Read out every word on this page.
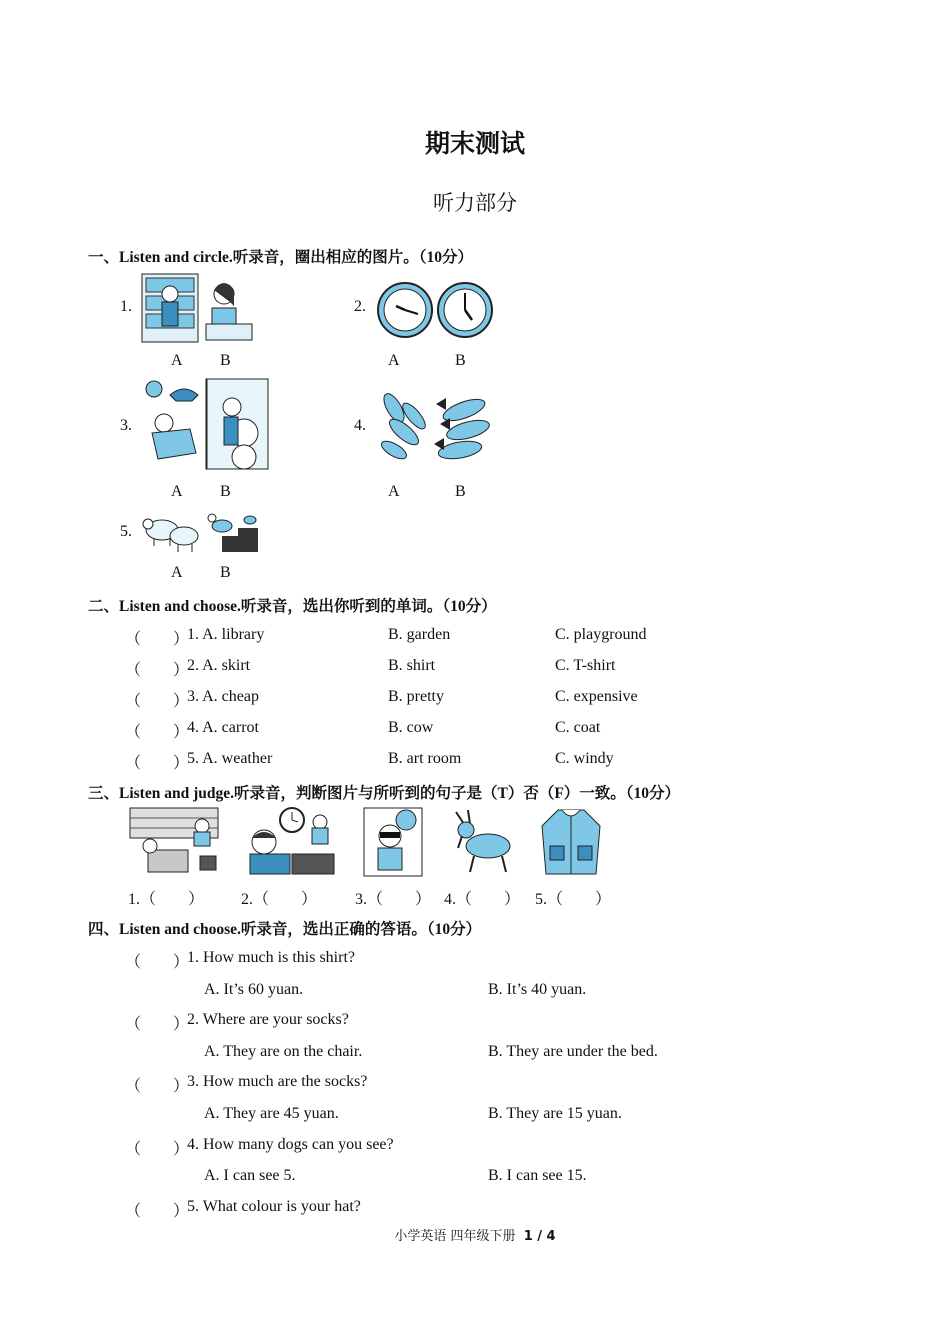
期末测试
听力部分
一、Listen and circle.听录音，圈出相应的图片。（10分）
1.
A B
2.
A	B
3.
A B
4.
A	B
5.
A B
二、Listen and choose.听录音，选出你听到的单词。（10分）
（　　）
1. A. library	B. garden	C. playground
（　　）
2. A. skirt	B. shirt	C. T-shirt
（　　）
3. A. cheap	B. pretty	C. expensive
（　　）
4. A. carrot	B. cow	C. coat
（　　）
5. A. weather	B. art room	C. windy
三、Listen and judge.听录音，判断图片与所听到的句子是（T）否（F）一致。（10分）
1.（　　） 2.（　　） 3.（　　） 4.（　　） 5.（　　）
四、Listen and choose.听录音，选出正确的答语。（10分）
（　　）
1. How much is this shirt?
A. It’s 60 yuan.	B. It’s 40 yuan.
（　　）
2. Where are your socks?
A. They are on the chair.	B. They are under the bed.
（　　）
3. How much are the socks?
A. They are 45 yuan.	B. They are 15 yuan.
（　　）
4. How many dogs can you see?
A. I can see 5.	B. I can see 15.
（　　）
5. What colour is your hat?
小学英语 四年级下册 1 / 4
